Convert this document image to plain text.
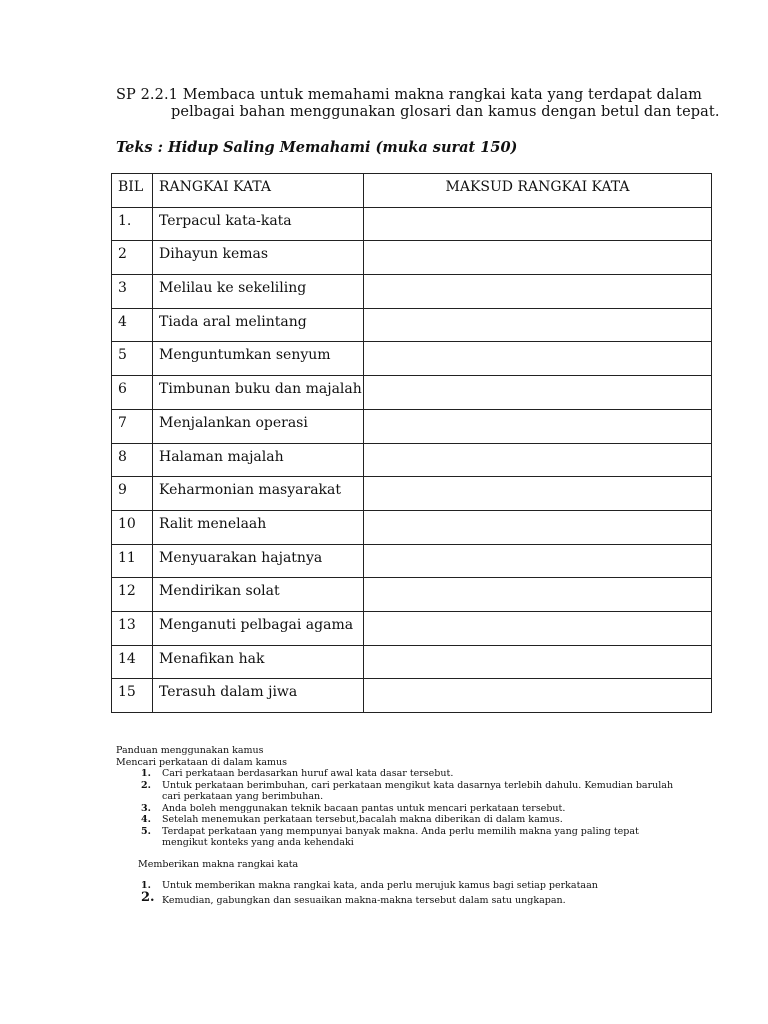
SP 2.2.1 Membaca untuk memahami makna rangkai kata yang terdapat dalam
pelbagai bahan menggunakan glosari dan kamus dengan betul dan tepat.
Teks : Hidup Saling Memahami (muka surat 150)
BIL	RANGKAI KATA	MAKSUD RANGKAI KATA
1.	Terpacul kata-kata	
2	Dihayun kemas	
3	Melilau ke sekeliling	
4	Tiada aral melintang	
5	Menguntumkan senyum	
6	Timbunan buku dan majalah	
7	Menjalankan operasi	
8	Halaman majalah	
9	Keharmonian masyarakat	
10	Ralit menelaah	
11	Menyuarakan hajatnya	
12	Mendirikan solat	
13	Menganuti pelbagai agama	
14	Menafikan hak	
15	Terasuh dalam jiwa	
Panduan menggunakan kamus
Mencari perkataan di dalam kamus
1. Cari perkataan berdasarkan huruf awal kata dasar tersebut.
2. Untuk perkataan berimbuhan, cari perkataan mengikut kata dasarnya terlebih dahulu. Kemudian barulah cari perkataan yang berimbuhan.
3. Anda boleh menggunakan teknik bacaan pantas untuk mencari perkataan tersebut.
4. Setelah menemukan perkataan tersebut,bacalah makna diberikan di dalam kamus.
5. Terdapat perkataan yang mempunyai banyak makna. Anda perlu memilih makna yang paling tepat mengikut konteks yang anda kehendaki
Memberikan makna rangkai kata
1. Untuk memberikan makna rangkai kata, anda perlu merujuk kamus bagi setiap perkataan
2. Kemudian, gabungkan dan sesuaikan makna-makna tersebut dalam satu ungkapan.
